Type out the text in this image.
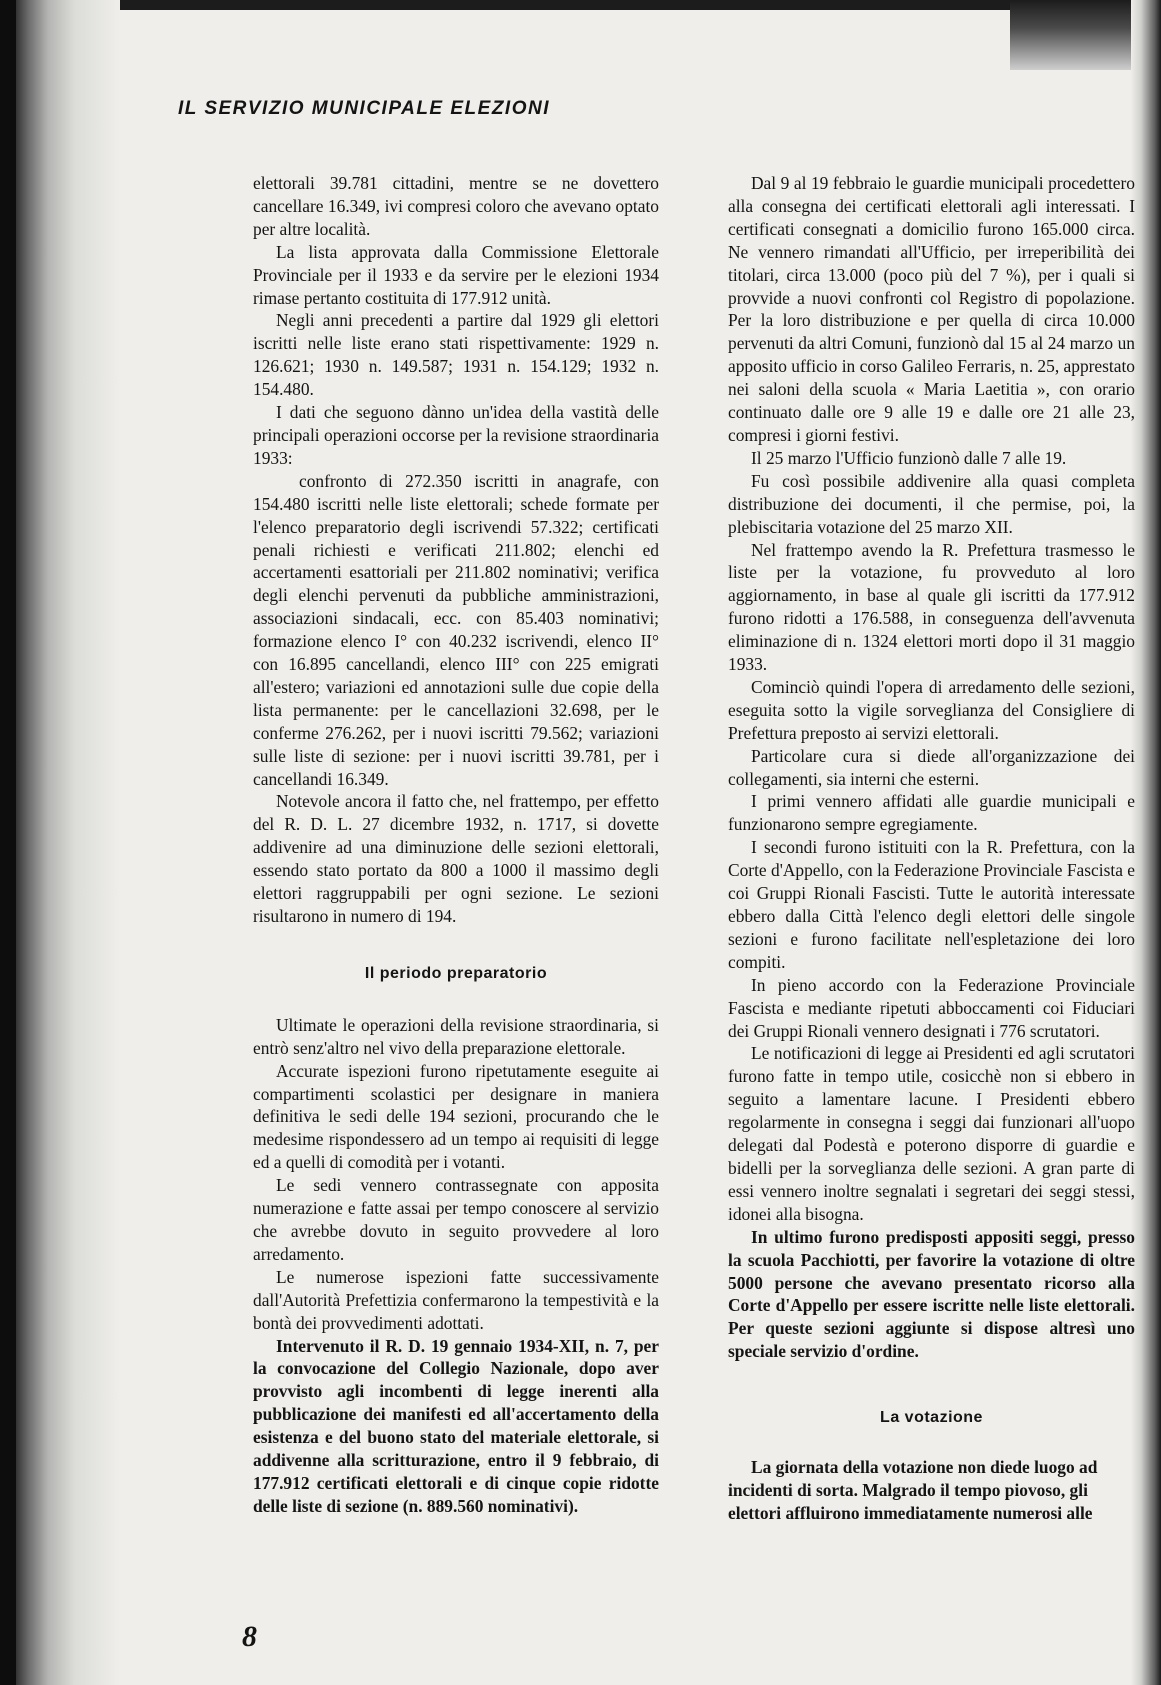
IL SERVIZIO MUNICIPALE ELEZIONI

elettorali 39.781 cittadini, mentre se ne dovettero cancellare 16.349, ivi compresi coloro che avevano optato per altre località.

La lista approvata dalla Commissione Elettorale Provinciale per il 1933 e da servire per le elezioni 1934 rimase pertanto costituita di 177.912 unità.

Negli anni precedenti a partire dal 1929 gli elettori iscritti nelle liste erano stati rispettivamente: 1929 n. 126.621; 1930 n. 149.587; 1931 n. 154.129; 1932 n. 154.480.

I dati che seguono dànno un'idea della vastità delle principali operazioni occorse per la revisione straordinaria 1933:

confronto di 272.350 iscritti in anagrafe, con 154.480 iscritti nelle liste elettorali; schede formate per l'elenco preparatorio degli iscrivendi 57.322; certificati penali richiesti e verificati 211.802; elenchi ed accertamenti esattoriali per 211.802 nominativi; verifica degli elenchi pervenuti da pubbliche amministrazioni, associazioni sindacali, ecc. con 85.403 nominativi; formazione elenco I° con 40.232 iscrivendi, elenco II° con 16.895 cancellandi, elenco III° con 225 emigrati all'estero; variazioni ed annotazioni sulle due copie della lista permanente: per le cancellazioni 32.698, per le conferme 276.262, per i nuovi iscritti 79.562; variazioni sulle liste di sezione: per i nuovi iscritti 39.781, per i cancellandi 16.349.

Notevole ancora il fatto che, nel frattempo, per effetto del R. D. L. 27 dicembre 1932, n. 1717, si dovette addivenire ad una diminuzione delle sezioni elettorali, essendo stato portato da 800 a 1000 il massimo degli elettori raggruppabili per ogni sezione. Le sezioni risultarono in numero di 194.

Il periodo preparatorio

Ultimate le operazioni della revisione straordinaria, si entrò senz'altro nel vivo della preparazione elettorale.

Accurate ispezioni furono ripetutamente eseguite ai compartimenti scolastici per designare in maniera definitiva le sedi delle 194 sezioni, procurando che le medesime rispondessero ad un tempo ai requisiti di legge ed a quelli di comodità per i votanti.

Le sedi vennero contrassegnate con apposita numerazione e fatte assai per tempo conoscere al servizio che avrebbe dovuto in seguito provvedere al loro arredamento.

Le numerose ispezioni fatte successivamente dall'Autorità Prefettizia confermarono la tempestività e la bontà dei provvedimenti adottati.

Intervenuto il R. D. 19 gennaio 1934-XII, n. 7, per la convocazione del Collegio Nazionale, dopo aver provvisto agli incombenti di legge inerenti alla pubblicazione dei manifesti ed all'accertamento della esistenza e del buono stato del materiale elettorale, si addivenne alla scritturazione, entro il 9 febbraio, di 177.912 certificati elettorali e di cinque copie ridotte delle liste di sezione (n. 889.560 nominativi).

Dal 9 al 19 febbraio le guardie municipali procedettero alla consegna dei certificati elettorali agli interessati. I certificati consegnati a domicilio furono 165.000 circa. Ne vennero rimandati all'Ufficio, per irreperibilità dei titolari, circa 13.000 (poco più del 7 %), per i quali si provvide a nuovi confronti col Registro di popolazione. Per la loro distribuzione e per quella di circa 10.000 pervenuti da altri Comuni, funzionò dal 15 al 24 marzo un apposito ufficio in corso Galileo Ferraris, n. 25, apprestato nei saloni della scuola « Maria Laetitia », con orario continuato dalle ore 9 alle 19 e dalle ore 21 alle 23, compresi i giorni festivi.

Il 25 marzo l'Ufficio funzionò dalle 7 alle 19.

Fu così possibile addivenire alla quasi completa distribuzione dei documenti, il che permise, poi, la plebiscitaria votazione del 25 marzo XII.

Nel frattempo avendo la R. Prefettura trasmesso le liste per la votazione, fu provveduto al loro aggiornamento, in base al quale gli iscritti da 177.912 furono ridotti a 176.588, in conseguenza dell'avvenuta eliminazione di n. 1324 elettori morti dopo il 31 maggio 1933.

Cominciò quindi l'opera di arredamento delle sezioni, eseguita sotto la vigile sorveglianza del Consigliere di Prefettura preposto ai servizi elettorali.

Particolare cura si diede all'organizzazione dei collegamenti, sia interni che esterni.

I primi vennero affidati alle guardie municipali e funzionarono sempre egregiamente.

I secondi furono istituiti con la R. Prefettura, con la Corte d'Appello, con la Federazione Provinciale Fascista e coi Gruppi Rionali Fascisti. Tutte le autorità interessate ebbero dalla Città l'elenco degli elettori delle singole sezioni e furono facilitate nell'espletazione dei loro compiti.

In pieno accordo con la Federazione Provinciale Fascista e mediante ripetuti abboccamenti coi Fiduciari dei Gruppi Rionali vennero designati i 776 scrutatori.

Le notificazioni di legge ai Presidenti ed agli scrutatori furono fatte in tempo utile, cosicchè non si ebbero in seguito a lamentare lacune. I Presidenti ebbero regolarmente in consegna i seggi dai funzionari all'uopo delegati dal Podestà e poterono disporre di guardie e bidelli per la sorveglianza delle sezioni. A gran parte di essi vennero inoltre segnalati i segretari dei seggi stessi, idonei alla bisogna.

In ultimo furono predisposti appositi seggi, presso la scuola Pacchiotti, per favorire la votazione di oltre 5000 persone che avevano presentato ricorso alla Corte d'Appello per essere iscritte nelle liste elettorali. Per queste sezioni aggiunte si dispose altresì uno speciale servizio d'ordine.

La votazione

La giornata della votazione non diede luogo ad incidenti di sorta. Malgrado il tempo piovoso, gli elettori affluirono immediatamente numerosi alle

8
